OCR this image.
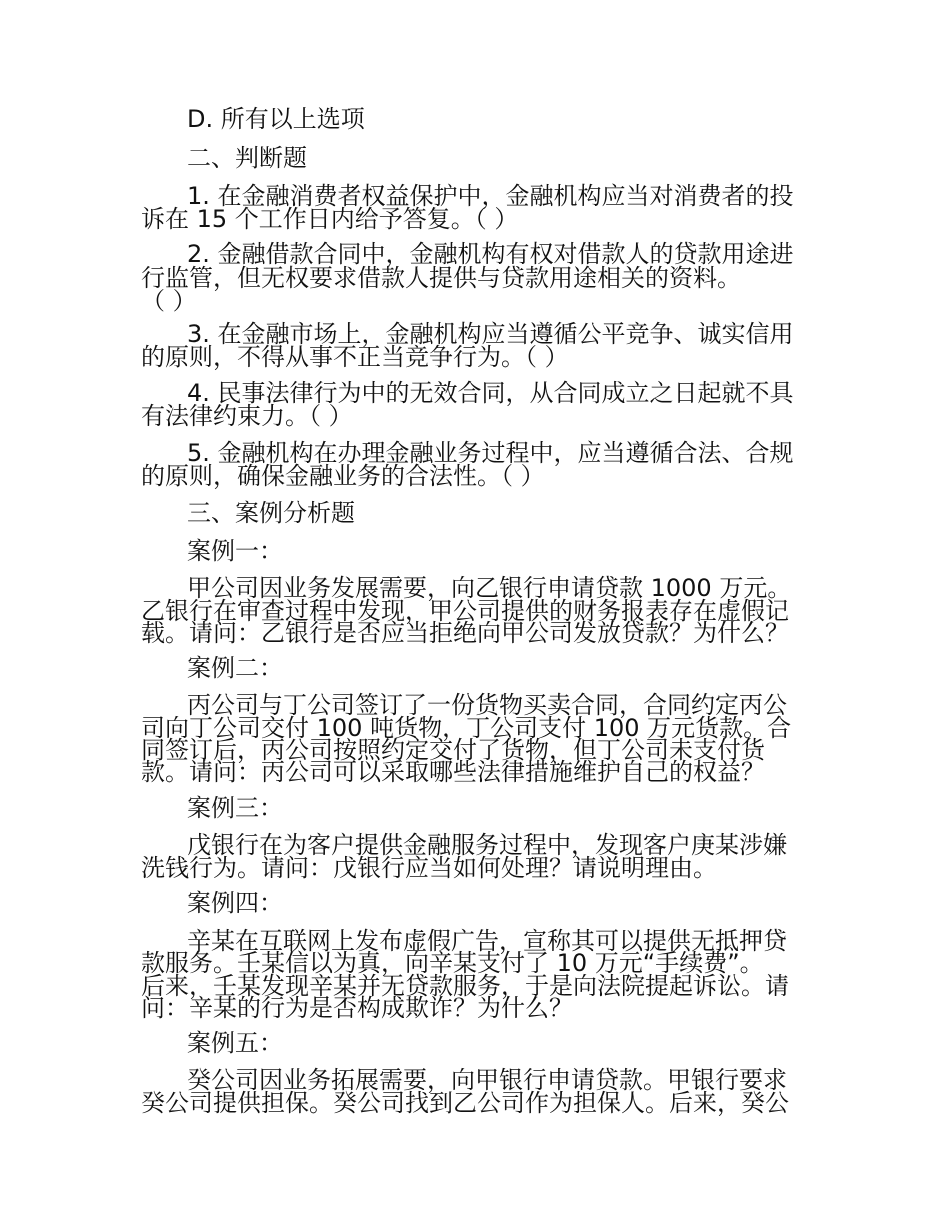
D. 所有以上选项
二、判断题
1. 在金融消费者权益保护中，金融机构应当对消费者的投
诉在 15 个工作日内给予答复。（ ）
2. 金融借款合同中，金融机构有权对借款人的贷款用途进
行监管，但无权要求借款人提供与贷款用途相关的资料。
（ ）
3. 在金融市场上，金融机构应当遵循公平竞争、诚实信用
的原则，不得从事不正当竞争行为。（ ）
4. 民事法律行为中的无效合同，从合同成立之日起就不具
有法律约束力。（ ）
5. 金融机构在办理金融业务过程中，应当遵循合法、合规
的原则，确保金融业务的合法性。（ ）
三、案例分析题
案例一：
甲公司因业务发展需要，向乙银行申请贷款 1000 万元。
乙银行在审查过程中发现，甲公司提供的财务报表存在虚假记
载。请问：乙银行是否应当拒绝向甲公司发放贷款？为什么？
案例二：
丙公司与丁公司签订了一份货物买卖合同，合同约定丙公
司向丁公司交付 100 吨货物，丁公司支付 100 万元货款。合
同签订后，丙公司按照约定交付了货物，但丁公司未支付货
款。请问：丙公司可以采取哪些法律措施维护自己的权益？
案例三：
戊银行在为客户提供金融服务过程中，发现客户庚某涉嫌
洗钱行为。请问：戊银行应当如何处理？请说明理由。
案例四：
辛某在互联网上发布虚假广告，宣称其可以提供无抵押贷
款服务。壬某信以为真，向辛某支付了 10 万元“手续费”。
后来，壬某发现辛某并无贷款服务，于是向法院提起诉讼。请
问：辛某的行为是否构成欺诈？为什么？
案例五：
癸公司因业务拓展需要，向甲银行申请贷款。甲银行要求
癸公司提供担保。癸公司找到乙公司作为担保人。后来，癸公
